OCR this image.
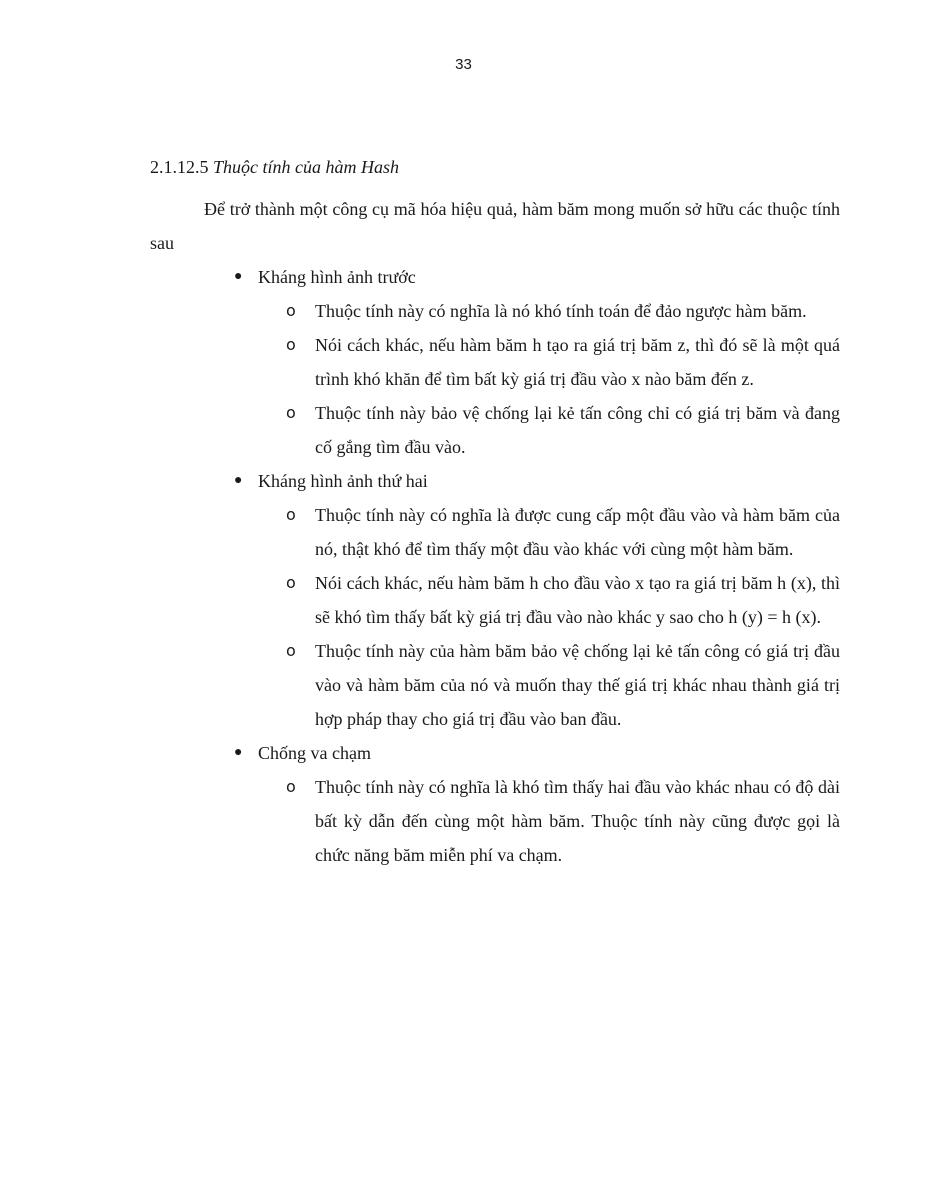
33
2.1.12.5 Thuộc tính của hàm Hash

Để trở thành một công cụ mã hóa hiệu quả, hàm băm mong muốn sở hữu các thuộc tính sau

● Kháng hình ảnh trước
o Thuộc tính này có nghĩa là nó khó tính toán để đảo ngược hàm băm.
o Nói cách khác, nếu hàm băm h tạo ra giá trị băm z, thì đó sẽ là một quá trình khó khăn để tìm bất kỳ giá trị đầu vào x nào băm đến z.
o Thuộc tính này bảo vệ chống lại kẻ tấn công chỉ có giá trị băm và đang cố gắng tìm đầu vào.
● Kháng hình ảnh thứ hai
o Thuộc tính này có nghĩa là được cung cấp một đầu vào và hàm băm của nó, thật khó để tìm thấy một đầu vào khác với cùng một hàm băm.
o Nói cách khác, nếu hàm băm h cho đầu vào x tạo ra giá trị băm h (x), thì sẽ khó tìm thấy bất kỳ giá trị đầu vào nào khác y sao cho h (y) = h (x).
o Thuộc tính này của hàm băm bảo vệ chống lại kẻ tấn công có giá trị đầu vào và hàm băm của nó và muốn thay thế giá trị khác nhau thành giá trị hợp pháp thay cho giá trị đầu vào ban đầu.
● Chống va chạm
o Thuộc tính này có nghĩa là khó tìm thấy hai đầu vào khác nhau có độ dài bất kỳ dẫn đến cùng một hàm băm. Thuộc tính này cũng được gọi là chức năng băm miễn phí va chạm.
